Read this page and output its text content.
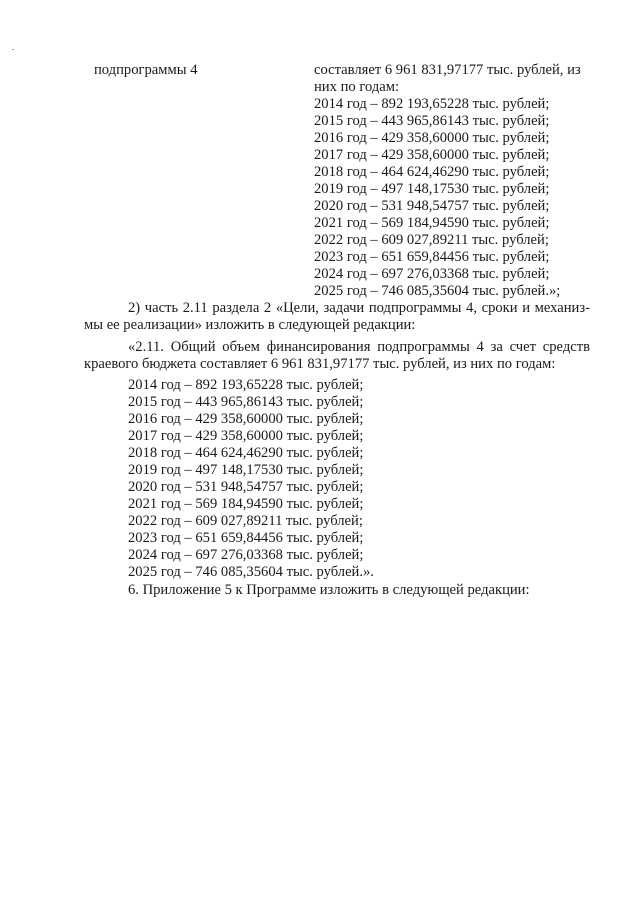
подпрограммы 4	составляет 6 961 831,97177 тыс. рублей, из
них по годам:
2014 год – 892 193,65228 тыс. рублей;
2015 год – 443 965,86143 тыс. рублей;
2016 год – 429 358,60000 тыс. рублей;
2017 год – 429 358,60000 тыс. рублей;
2018 год – 464 624,46290 тыс. рублей;
2019 год – 497 148,17530 тыс. рублей;
2020 год – 531 948,54757 тыс. рублей;
2021 год – 569 184,94590 тыс. рублей;
2022 год – 609 027,89211 тыс. рублей;
2023 год – 651 659,84456 тыс. рублей;
2024 год – 697 276,03368 тыс. рублей;
2025 год – 746 085,35604 тыс. рублей.»;
2) часть 2.11 раздела 2 «Цели, задачи подпрограммы 4, сроки и механиз-
мы ее реализации» изложить в следующей редакции:
«2.11. Общий объем финансирования подпрограммы 4 за счет средств
краевого бюджета составляет 6 961 831,97177 тыс. рублей, из них по годам:
2014 год – 892 193,65228 тыс. рублей;
2015 год – 443 965,86143 тыс. рублей;
2016 год – 429 358,60000 тыс. рублей;
2017 год – 429 358,60000 тыс. рублей;
2018 год – 464 624,46290 тыс. рублей;
2019 год – 497 148,17530 тыс. рублей;
2020 год – 531 948,54757 тыс. рублей;
2021 год – 569 184,94590 тыс. рублей;
2022 год – 609 027,89211 тыс. рублей;
2023 год – 651 659,84456 тыс. рублей;
2024 год – 697 276,03368 тыс. рублей;
2025 год – 746 085,35604 тыс. рублей.».
6. Приложение 5 к Программе изложить в следующей редакции:
